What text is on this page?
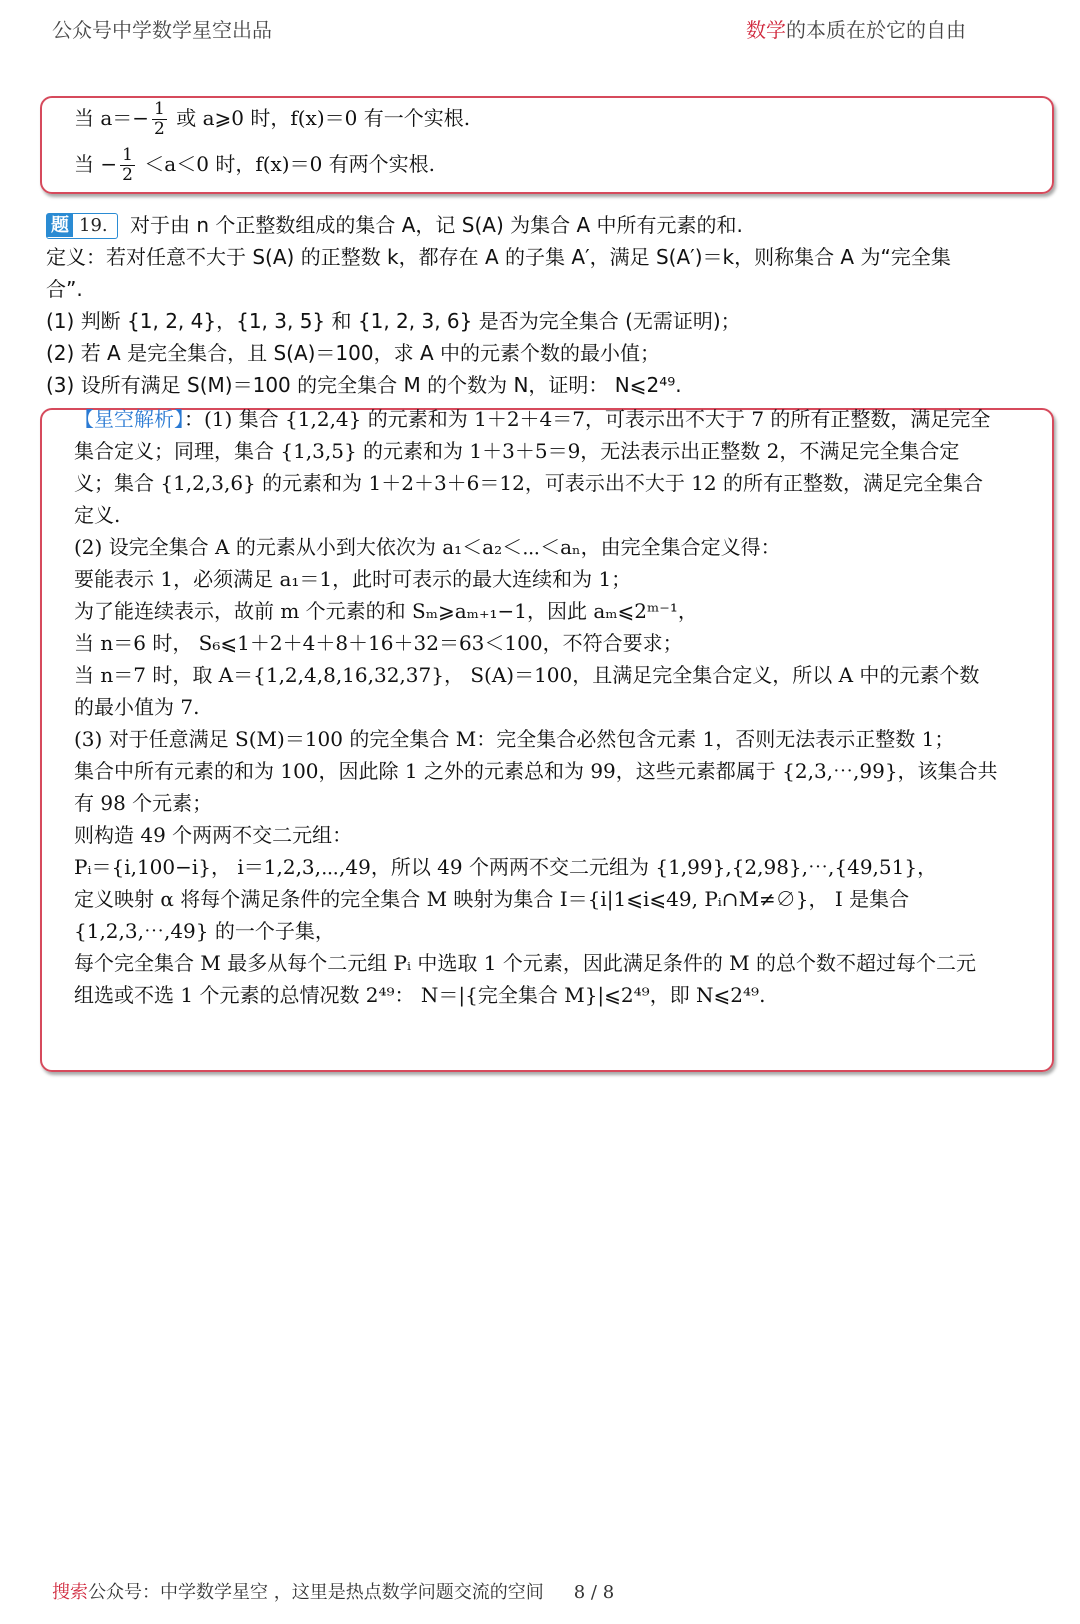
公众号中学数学星空出品	数学的本质在於它的自由
当 $a=- \frac{1}{2}$ 或 a⩾0 时，f(x)＝0 有一个实根.
当 − $\frac{1}{2} <a<0$ 时，f(x)＝0 有两个实根.
题 19. 对于由 n 个正整数组成的集合 A，记 S(A) 为集合 A 中所有元素的和.
定义：若对任意不大于 S(A) 的正整数 k，都存在 A 的子集 A′，满足 S(A′)＝k，则称集合 A 为“完全集
合”.
(1) 判断 {1, 2, 4}，{1, 3, 5} 和 {1, 2, 3, 6} 是否为完全集合 (无需证明)；
(2) 若 A 是完全集合，且 S(A)＝100，求 A 中的元素个数的最小值；
(3) 设所有满足 S(M)＝100 的完全集合 M 的个数为 N，证明： N⩽2⁴⁹.
【星空解析】：(1) 集合 {1,2,4} 的元素和为 1＋2＋4＝7，可表示出不大于 7 的所有正整数，满足完全
集合定义；同理，集合 {1,3,5} 的元素和为 1＋3＋5＝9，无法表示出正整数 2，不满足完全集合定
义；集合 {1,2,3,6} 的元素和为 1＋2＋3＋6＝12，可表示出不大于 12 的所有正整数，满足完全集合
定义.
(2) 设完全集合 A 的元素从小到大依次为 a₁＜a₂＜⋯＜aₙ，由完全集合定义得：
要能表示 1，必须满足 a₁＝1，此时可表示的最大连续和为 1；
为了能连续表示，故前 m 个元素的和 Sₘ⩾aₘ₊₁−1，因此 aₘ⩽2ᵐ⁻¹，
当 n＝6 时， S₆⩽1＋2＋4＋8＋16＋32＝63＜100，不符合要求；
当 n＝7 时，取 A＝{1,2,4,8,16,32,37}， S(A)＝100，且满足完全集合定义，所以 A 中的元素个数
的最小值为 7.
(3) 对于任意满足 S(M)＝100 的完全集合 M：完全集合必然包含元素 1，否则无法表示正整数 1；
集合中所有元素的和为 100，因此除 1 之外的元素总和为 99，这些元素都属于 {2,3,⋯,99}，该集合共
有 98 个元素；
则构造 49 个两两不交二元组：
Pᵢ＝{i,100−i}， i＝1,2,3,⋯,49，所以 49 个两两不交二元组为 {1,99},{2,98},⋯,{49,51}，
定义映射 α 将每个满足条件的完全集合 M 映射为集合 I＝{i|1⩽i⩽49, Pᵢ∩M≠∅}， I 是集合
{1,2,3,⋯,49} 的一个子集，
每个完全集合 M 最多从每个二元组 Pᵢ 中选取 1 个元素，因此满足条件的 M 的总个数不超过每个二元
组选或不选 1 个元素的总情况数 2⁴⁹： N＝|{完全集合 M}|⩽2⁴⁹，即 N⩽2⁴⁹.
搜索公众号：中学数学星空 ，这里是热点数学问题交流的空间 8 / 8
